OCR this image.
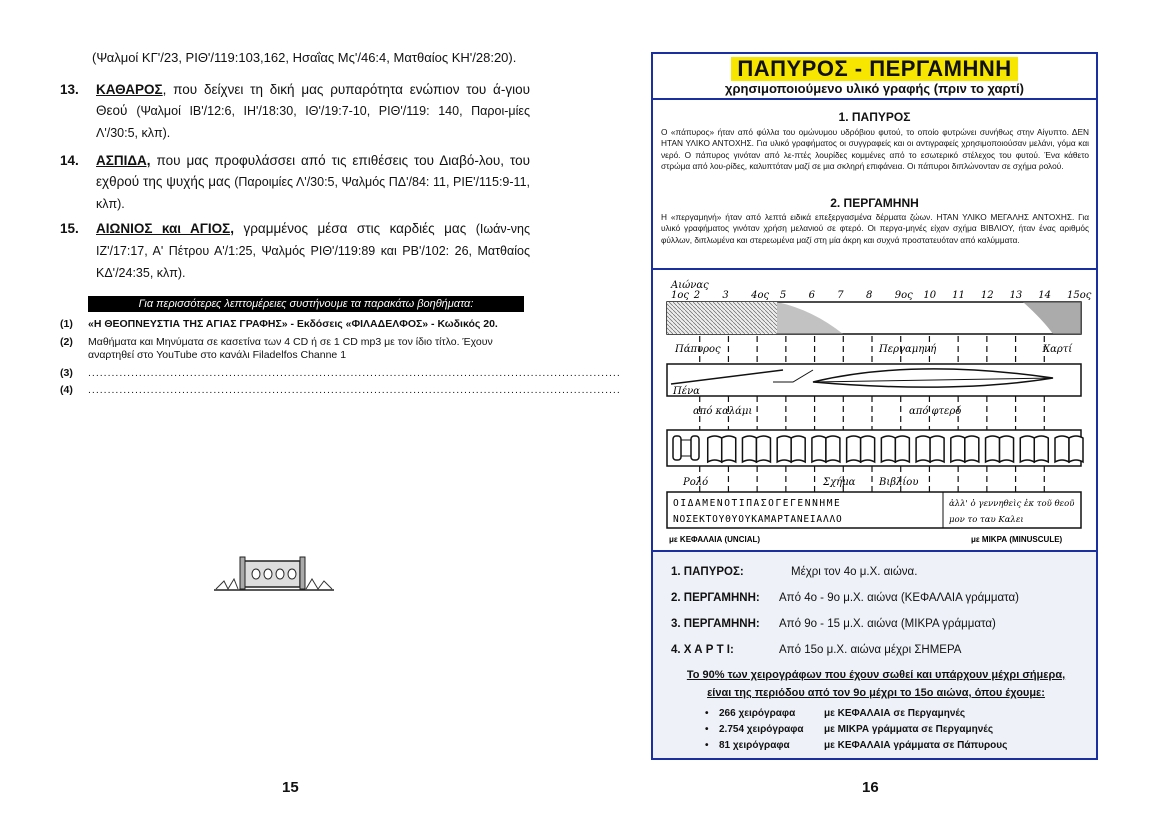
(Ψαλμοί ΚΓ'/23, ΡΙΘ'/119:103,162, Ησαΐας Μς'/46:4, Ματθαίος ΚΗ'/28:20).
13. ΚΑΘΑΡΟΣ, που δείχνει τη δική μας ρυπαρότητα ενώπιον του ά-γιου Θεού (Ψαλμοί ΙΒ'/12:6, ΙΗ'/18:30, ΙΘ'/19:7-10, ΡΙΘ'/119: 140, Παροι-μίες Λ'/30:5, κλπ).
14. ΑΣΠΙΔΑ, που μας προφυλάσσει από τις επιθέσεις του Διαβό-λου, του εχθρού της ψυχής μας (Παροιμίες Λ'/30:5, Ψαλμός ΠΔ'/84: 11, ΡΙΕ'/115:9-11, κλπ).
15. ΑΙΩΝΙΟΣ και ΑΓΙΟΣ, γραμμένος μέσα στις καρδιές μας (Ιωάν-νης ΙΖ'/17:17, Α' Πέτρου Α'/1:25, Ψαλμός ΡΙΘ'/119:89 και ΡΒ'/102: 26, Ματθαίος ΚΔ'/24:35, κλπ).
Για περισσότερες λεπτομέρειες συστήνουμε τα παρακάτω βοηθήματα:
(1) «Η ΘΕΟΠΝΕΥΣΤΙΑ ΤΗΣ ΑΓΙΑΣ ΓΡΑΦΗΣ» - Εκδόσεις «ΦΙΛΑΔΕΛΦΟΣ» - Κωδικός 20.
(2) Μαθήματα και Μηνύματα σε κασετίνα των 4 CD ή σε 1 CD mp3 με τον ίδιο τίτλο. Έχουν αναρτηθεί στο YouTube στο κανάλι Filadelfos Channe 1
(3) ........................................................................................................................................
(4) ........................................................................................................................................
15
ΠΑΠΥΡΟΣ - ΠΕΡΓΑΜΗΝΗ
χρησιμοποιούμενο υλικό γραφής (πριν το χαρτί)
1. ΠΑΠΥΡΟΣ
Ο «πάπυρος» ήταν από φύλλα του ομώνυμου υδρόβιου φυτού, το οποίο φυτρώνει συνήθως στην Αίγυπτο. ΔΕΝ ΗΤΑΝ ΥΛΙΚΟ ΑΝΤΟΧΗΣ. Για υλικό γραφήματος οι συγγραφείς και οι αντιγραφείς χρησιμοποιούσαν μελάνι, γόμα και νερό. Ο πάπυρος γινόταν από λε-πτές λουρίδες κομμένες από το εσωτερικό στέλεχος του φυτού. Ένα κάθετο στρώμα από λου-ρίδες, καλυπτόταν μαζί σε μια σκληρή επιφάνεια. Οι πάπυροι διπλώνονταν σε σχήμα ρολού.
2. ΠΕΡΓΑΜΗΝΗ
Η «περγαμηνή» ήταν από λεπτά ειδικά επεξεργασμένα δέρματα ζώων. ΗΤΑΝ ΥΛΙΚΟ ΜΕΓΑΛΗΣ ΑΝΤΟΧΗΣ. Για υλικό γραφήματος γινόταν χρήση μελανιού σε φτερό. Οι περγα-μηνές είχαν σχήμα ΒΙΒΛΙΟΥ, ήταν ένας αριθμός φύλλων, διπλωμένα και στερεωμένα μαζί στη μία άκρη και συχνά προστατευόταν από καλύμματα.
Αιώνας
1ος 2 3 4ος 5 6 7 8 9ος 10 11 12 13 14 15ος
Πάπυρος	Περγαμηνή	Χαρτί
Πένα
από καλάμι	από φτερό
Ρολό	Σχήμα Βιβλίου
ΟΙΔΑΜΕΝΟΤΙΠΑΣΟΓΕΓΕΝΝΗΜΕ
ΝΟΣΕΚΤΟΥΘΥΟΥΚΑΜΑΡΤΑΝΕΙΑΛΛΟ
ἀλλ' ὁ γεννηθεὶς ἐκ τοῦ θεοῦ
μον το ταυ Καλει
με ΚΕΦΑΛΑΙΑ (UNCIAL)	με ΜΙΚΡΑ (MINUSCULE)
1. ΠΑΠΥΡΟΣ:	Μέχρι τον 4ο μ.Χ. αιώνα.
2. ΠΕΡΓΑΜΗΝΗ: Από 4ο - 9ο μ.Χ. αιώνα (ΚΕΦΑΛΑΙΑ γράμματα)
3. ΠΕΡΓΑΜΗΝΗ: Από 9ο - 15 μ.Χ. αιώνα (ΜΙΚΡΑ γράμματα)
4. Χ Α Ρ Τ Ι:	Από 15ο μ.Χ. αιώνα μέχρι ΣΗΜΕΡΑ
Το 90% των χειρογράφων που έχουν σωθεί και υπάρχουν μέχρι σήμερα,
είναι της περιόδου από τον 9ο μέχρι το 15ο αιώνα, όπου έχουμε:
• 266 χειρόγραφα	με ΚΕΦΑΛΑΙΑ σε Περγαμηνές
• 2.754 χειρόγραφα με ΜΙΚΡΑ γράμματα σε Περγαμηνές
• 81 χειρόγραφα	με ΚΕΦΑΛΑΙΑ γράμματα σε Πάπυρους
16
